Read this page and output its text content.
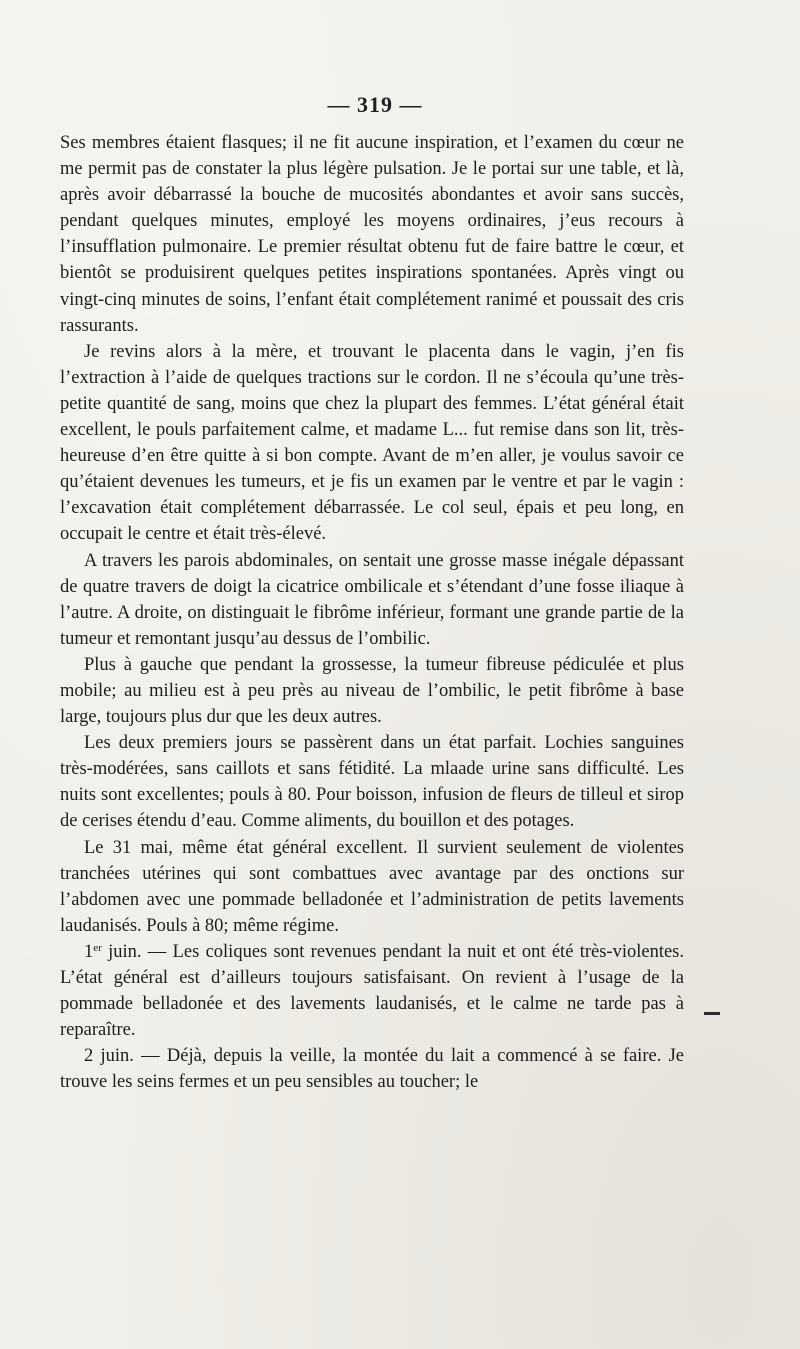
— 319 —

Ses membres étaient flasques; il ne fit aucune inspiration, et l’examen du cœur ne me permit pas de constater la plus légère pulsation. Je le portai sur une table, et là, après avoir débarrassé la bouche de mucosités abondantes et avoir sans succès, pendant quelques minutes, employé les moyens ordinaires, j’eus recours à l’insufflation pulmonaire. Le premier résultat obtenu fut de faire battre le cœur, et bientôt se produisirent quelques petites inspirations spontanées. Après vingt ou vingt-cinq minutes de soins, l’enfant était complétement ranimé et poussait des cris rassurants.

Je revins alors à la mère, et trouvant le placenta dans le vagin, j’en fis l’extraction à l’aide de quelques tractions sur le cordon. Il ne s’écoula qu’une très-petite quantité de sang, moins que chez la plupart des femmes. L’état général était excellent, le pouls parfaitement calme, et madame L... fut remise dans son lit, très-heureuse d’en être quitte à si bon compte. Avant de m’en aller, je voulus savoir ce qu’étaient devenues les tumeurs, et je fis un examen par le ventre et par le vagin : l’excavation était complétement débarrassée. Le col seul, épais et peu long, en occupait le centre et était très-élevé.

A travers les parois abdominales, on sentait une grosse masse inégale dépassant de quatre travers de doigt la cicatrice ombilicale et s’étendant d’une fosse iliaque à l’autre. A droite, on distinguait le fibrôme inférieur, formant une grande partie de la tumeur et remontant jusqu’au dessus de l’ombilic.

Plus à gauche que pendant la grossesse, la tumeur fibreuse pédiculée et plus mobile; au milieu est à peu près au niveau de l’ombilic, le petit fibrôme à base large, toujours plus dur que les deux autres.

Les deux premiers jours se passèrent dans un état parfait. Lochies sanguines très-modérées, sans caillots et sans fétidité. La mlaade urine sans difficulté. Les nuits sont excellentes; pouls à 80. Pour boisson, infusion de fleurs de tilleul et sirop de cerises étendu d’eau. Comme aliments, du bouillon et des potages.

Le 31 mai, même état général excellent. Il survient seulement de violentes tranchées utérines qui sont combattues avec avantage par des onctions sur l’abdomen avec une pommade belladonée et l’administration de petits lavements laudanisés. Pouls à 80; même régime.

1er juin. — Les coliques sont revenues pendant la nuit et ont été très-violentes. L’état général est d’ailleurs toujours satisfaisant. On revient à l’usage de la pommade belladonée et des lavements laudanisés, et le calme ne tarde pas à reparaître.

2 juin. — Déjà, depuis la veille, la montée du lait a commencé à se faire. Je trouve les seins fermes et un peu sensibles au toucher; le
